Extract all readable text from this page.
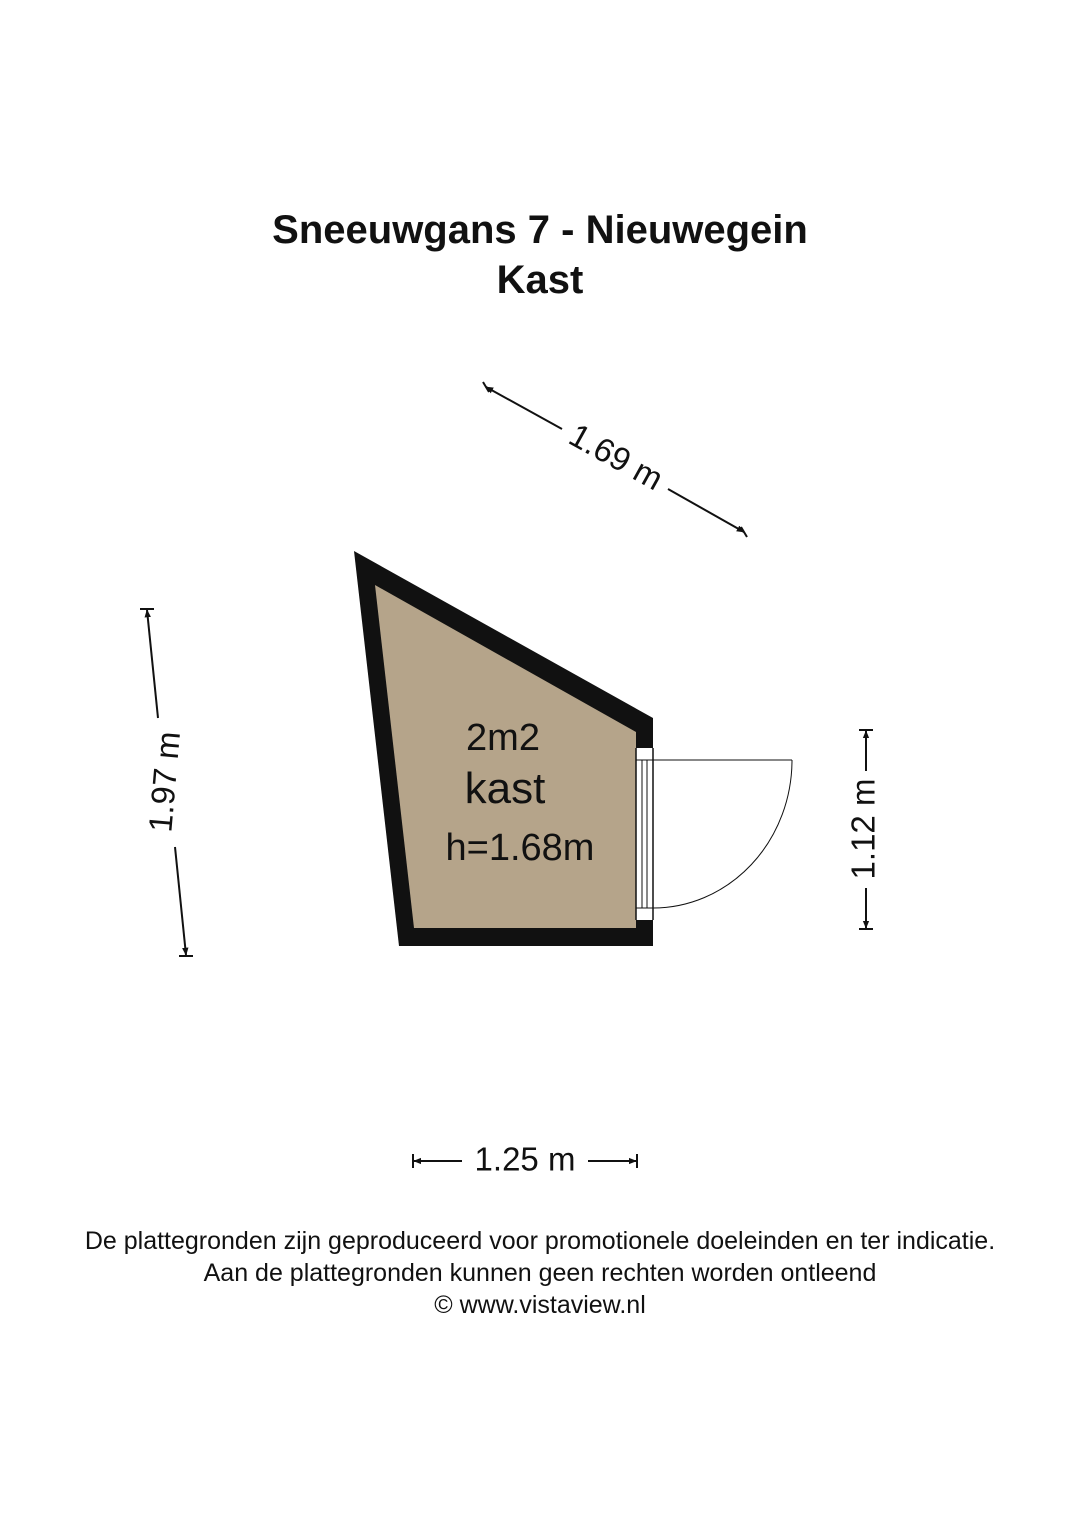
Sneeuwgans 7 - Nieuwegein
Kast
2m2
kast
h=1.68m
1.69 m
1.97 m	1.12 m
1.25 m
De plattegronden zijn geproduceerd voor promotionele doeleinden en ter indicatie.
Aan de plattegronden kunnen geen rechten worden ontleend
© www.vistaview.nl
